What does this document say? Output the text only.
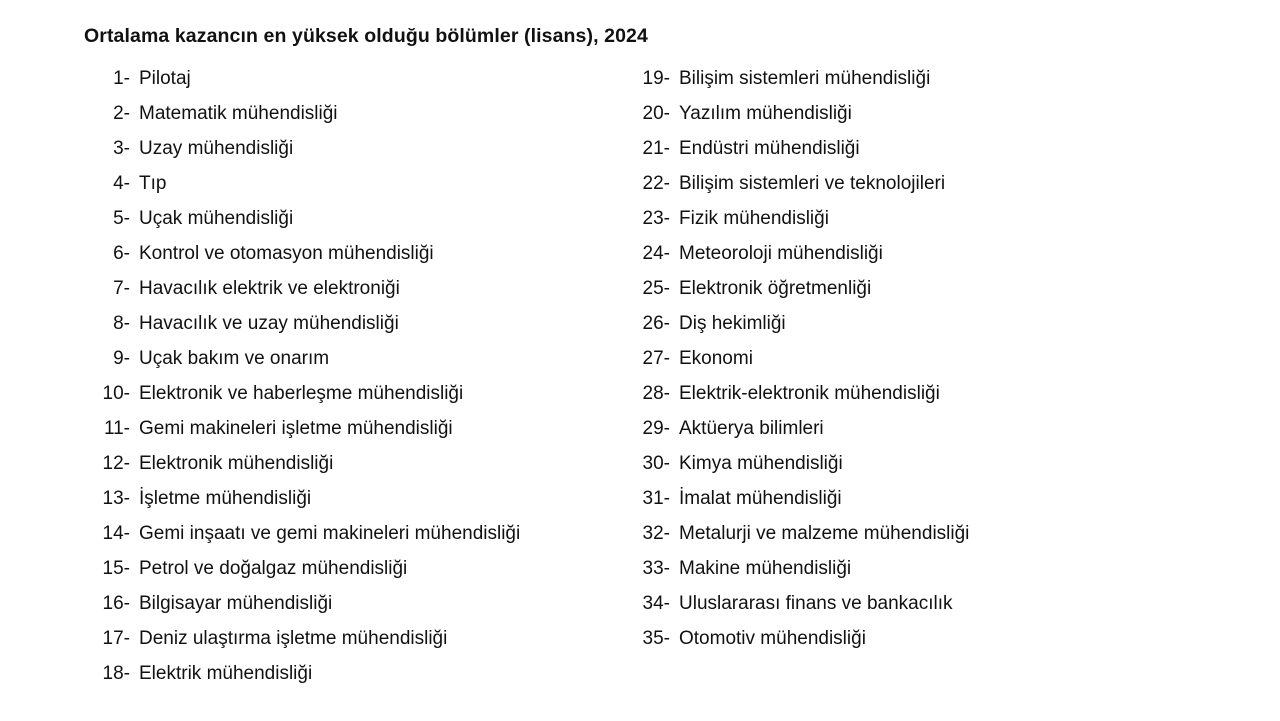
Ortalama kazancın en yüksek olduğu bölümler (lisans), 2024
1- Pilotaj
2- Matematik mühendisliği
3- Uzay mühendisliği
4- Tıp
5- Uçak mühendisliği
6- Kontrol ve otomasyon mühendisliği
7- Havacılık elektrik ve elektroniği
8- Havacılık ve uzay mühendisliği
9- Uçak bakım ve onarım
10- Elektronik ve haberleşme mühendisliği
11- Gemi makineleri işletme mühendisliği
12- Elektronik mühendisliği
13- İşletme mühendisliği
14- Gemi inşaatı ve gemi makineleri mühendisliği
15- Petrol ve doğalgaz mühendisliği
16- Bilgisayar mühendisliği
17- Deniz ulaştırma işletme mühendisliği
18- Elektrik mühendisliği
19- Bilişim sistemleri mühendisliği
20- Yazılım mühendisliği
21- Endüstri mühendisliği
22- Bilişim sistemleri ve teknolojileri
23- Fizik mühendisliği
24- Meteoroloji mühendisliği
25- Elektronik öğretmenliği
26- Diş hekimliği
27- Ekonomi
28- Elektrik-elektronik mühendisliği
29- Aktüerya bilimleri
30- Kimya mühendisliği
31- İmalat mühendisliği
32- Metalurji ve malzeme mühendisliği
33- Makine mühendisliği
34- Uluslararası finans ve bankacılık
35- Otomotiv mühendisliği
